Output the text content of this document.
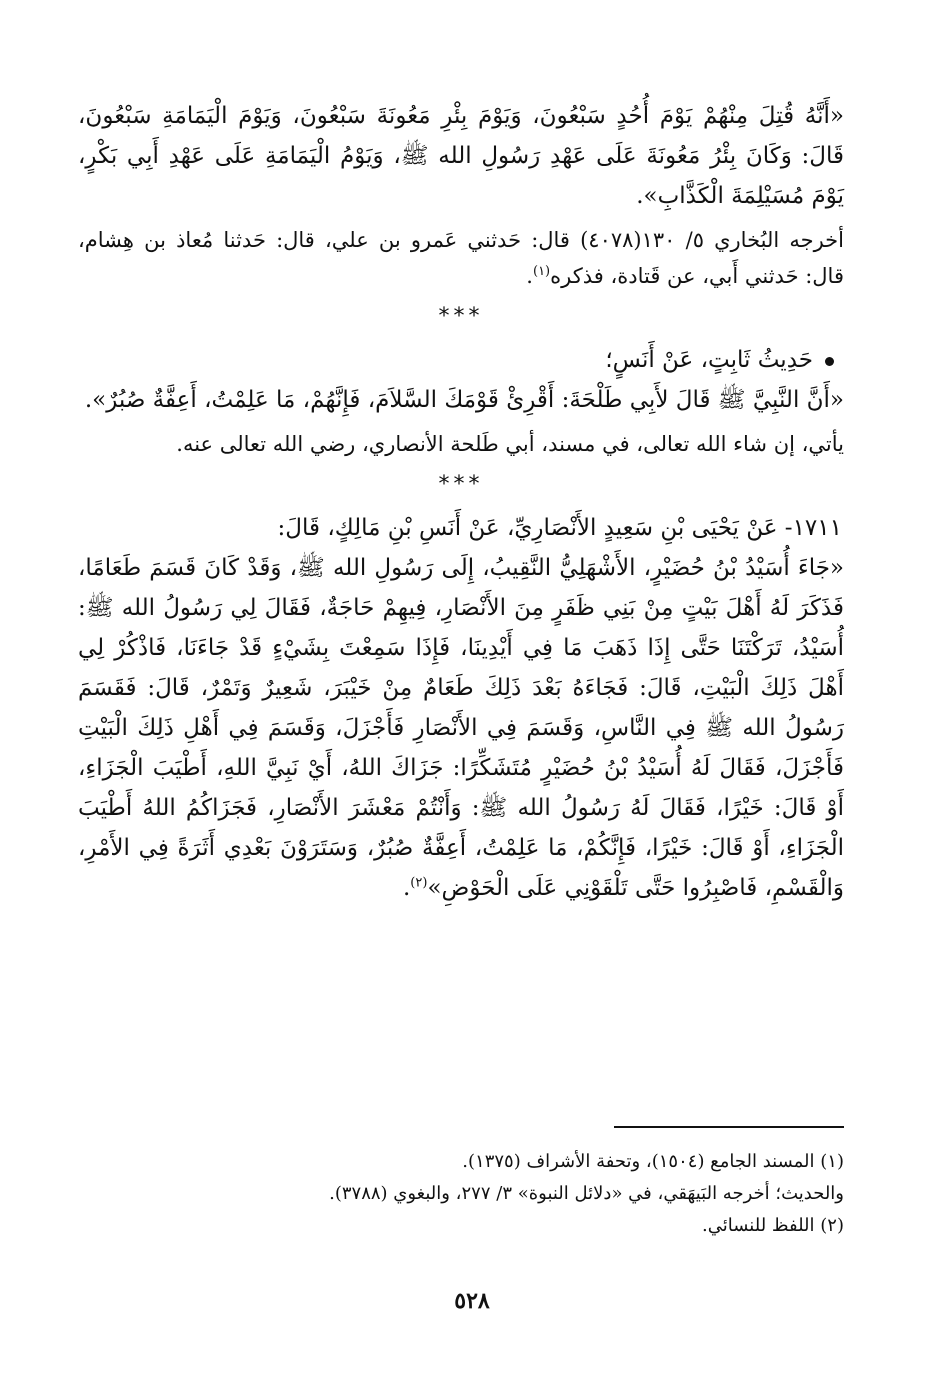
«أَنَّهُ قُتِلَ مِنْهُمْ يَوْمَ أُحُدٍ سَبْعُونَ، وَيَوْمَ بِئْرِ مَعُونَةَ سَبْعُونَ، وَيَوْمَ الْيَمَامَةِ سَبْعُونَ، قَالَ: وَكَانَ بِئْرُ مَعُونَةَ عَلَى عَهْدِ رَسُولِ الله ﷺ، وَيَوْمُ الْيَمَامَةِ عَلَى عَهْدِ أَبِي بَكْرٍ، يَوْمَ مُسَيْلِمَةَ الْكَذَّابِ».

أخرجه البُخاري ٥/ ١٣٠(٤٠٧٨) قال: حَدثني عَمرو بن علي، قال: حَدثنا مُعاذ بن هِشام، قال: حَدثني أَبي، عن قَتادة، فذكره$^{(١)}$.

***

حَدِيثُ ثَابِتٍ، عَنْ أَنَسٍ؛

«أَنَّ النَّبِيَّ ﷺ قَالَ لأَبِي طَلْحَةَ: أَقْرِئْ قَوْمَكَ السَّلاَمَ، فَإِنَّهُمْ، مَا عَلِمْتُ، أَعِفَّةٌ صُبُرٌ».

يأتي، إن شاء الله تعالى، في مسند، أبي طَلحة الأنصاري، رضي الله تعالى عنه.

***

١٧١١- عَنْ يَحْيَى بْنِ سَعِيدٍ الأَنْصَارِيِّ، عَنْ أَنَسِ بْنِ مَالِكٍ، قَالَ:

«جَاءَ أُسَيْدُ بْنُ حُضَيْرٍ، الأَشْهَلِيُّ النَّقِيبُ، إِلَى رَسُولِ الله ﷺ، وَقَدْ كَانَ قَسَمَ طَعَامًا، فَذَكَرَ لَهُ أَهْلَ بَيْتٍ مِنْ بَنِي ظَفَرٍ مِنَ الأَنْصَارِ، فِيهِمْ حَاجَةٌ، فَقَالَ لِي رَسُولُ الله ﷺ: أُسَيْدُ، تَرَكْتَنَا حَتَّى إِذَا ذَهَبَ مَا فِي أَيْدِينَا، فَإِذَا سَمِعْتَ بِشَيْءٍ قَدْ جَاءَنَا، فَاذْكُرْ لِي أَهْلَ ذَلِكَ الْبَيْتِ، قَالَ: فَجَاءَهُ بَعْدَ ذَلِكَ طَعَامٌ مِنْ خَيْبَرَ، شَعِيرٌ وَتَمْرٌ، قَالَ: فَقَسَمَ رَسُولُ الله ﷺ فِي النَّاسِ، وَقَسَمَ فِي الأَنْصَارِ فَأَجْزَلَ، وَقَسَمَ فِي أَهْلِ ذَلِكَ الْبَيْتِ فَأَجْزَلَ، فَقَالَ لَهُ أُسَيْدُ بْنُ حُضَيْرٍ مُتَشَكِّرًا: جَزَاكَ اللهُ، أَيْ نَبِيَّ اللهِ، أَطْيَبَ الْجَزَاءِ، أَوْ قَالَ: خَيْرًا، فَقَالَ لَهُ رَسُولُ الله ﷺ: وَأَنْتُمْ مَعْشَرَ الأَنْصَارِ، فَجَزَاكُمُ اللهُ أَطْيَبَ الْجَزَاءِ، أَوْ قَالَ: خَيْرًا، فَإِنَّكُمْ، مَا عَلِمْتُ، أَعِفَّةٌ صُبُرٌ، وَسَتَرَوْنَ بَعْدِي أَثَرَةً فِي الأَمْرِ، وَالْقَسْمِ، فَاصْبِرُوا حَتَّى تَلْقَوْنِي عَلَى الْحَوْضِ»$^{(٢)}$.

(١) المسند الجامع (١٥٠٤)، وتحفة الأشراف (١٣٧٥).

والحديث؛ أخرجه البَيهَقي، في «دلائل النبوة» ٣/ ٢٧٧، والبغوي (٣٧٨٨).

(٢) اللفظ للنسائي.

٥٢٨
